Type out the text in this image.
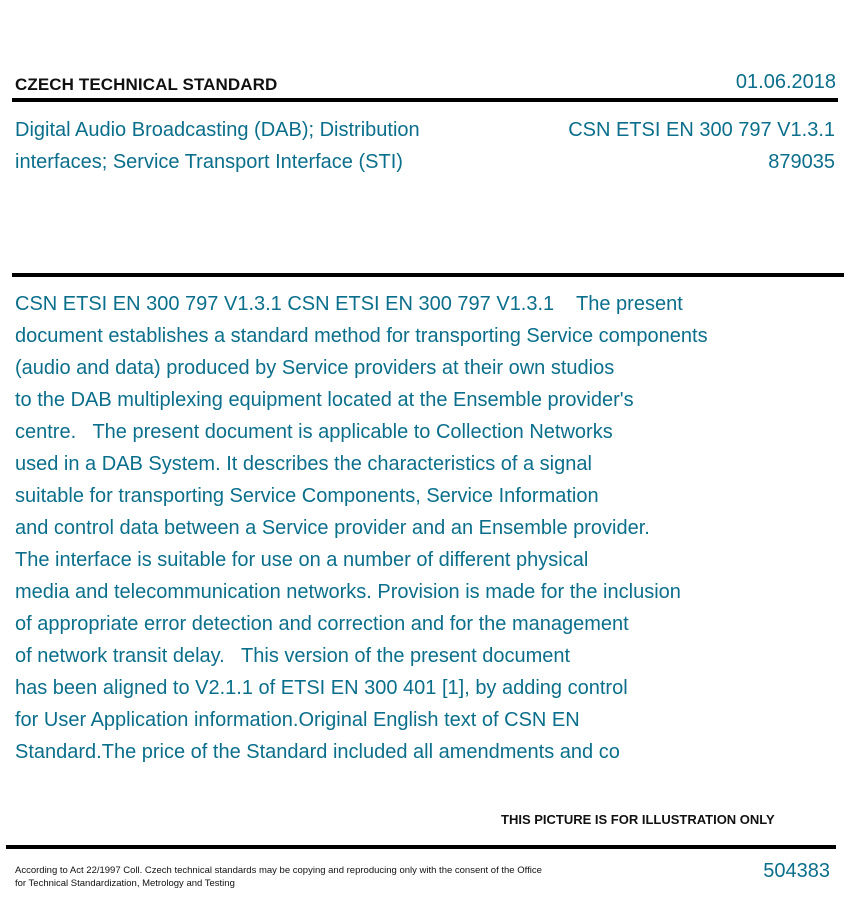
CZECH TECHNICAL STANDARD	01.06.2018
Digital Audio Broadcasting (DAB); Distribution
interfaces; Service Transport Interface (STI)
CSN ETSI EN 300 797 V1.3.1
879035
CSN ETSI EN 300 797 V1.3.1 CSN ETSI EN 300 797 V1.3.1    The present
document establishes a standard method for transporting Service components
(audio and data) produced by Service providers at their own studios
to the DAB multiplexing equipment located at the Ensemble provider's
centre.   The present document is applicable to Collection Networks
used in a DAB System. It describes the characteristics of a signal
suitable for transporting Service Components, Service Information
and control data between a Service provider and an Ensemble provider.
The interface is suitable for use on a number of different physical
media and telecommunication networks. Provision is made for the inclusion
of appropriate error detection and correction and for the management
of network transit delay.   This version of the present document
has been aligned to V2.1.1 of ETSI EN 300 401 [1], by adding control
for User Application information.Original English text of CSN EN
Standard.The price of the Standard included all amendments and co
THIS PICTURE IS FOR ILLUSTRATION ONLY
According to Act 22/1997 Coll. Czech technical standards may be copying and reproducing only with the consent of the Office
for Technical Standardization, Metrology and Testing
504383
